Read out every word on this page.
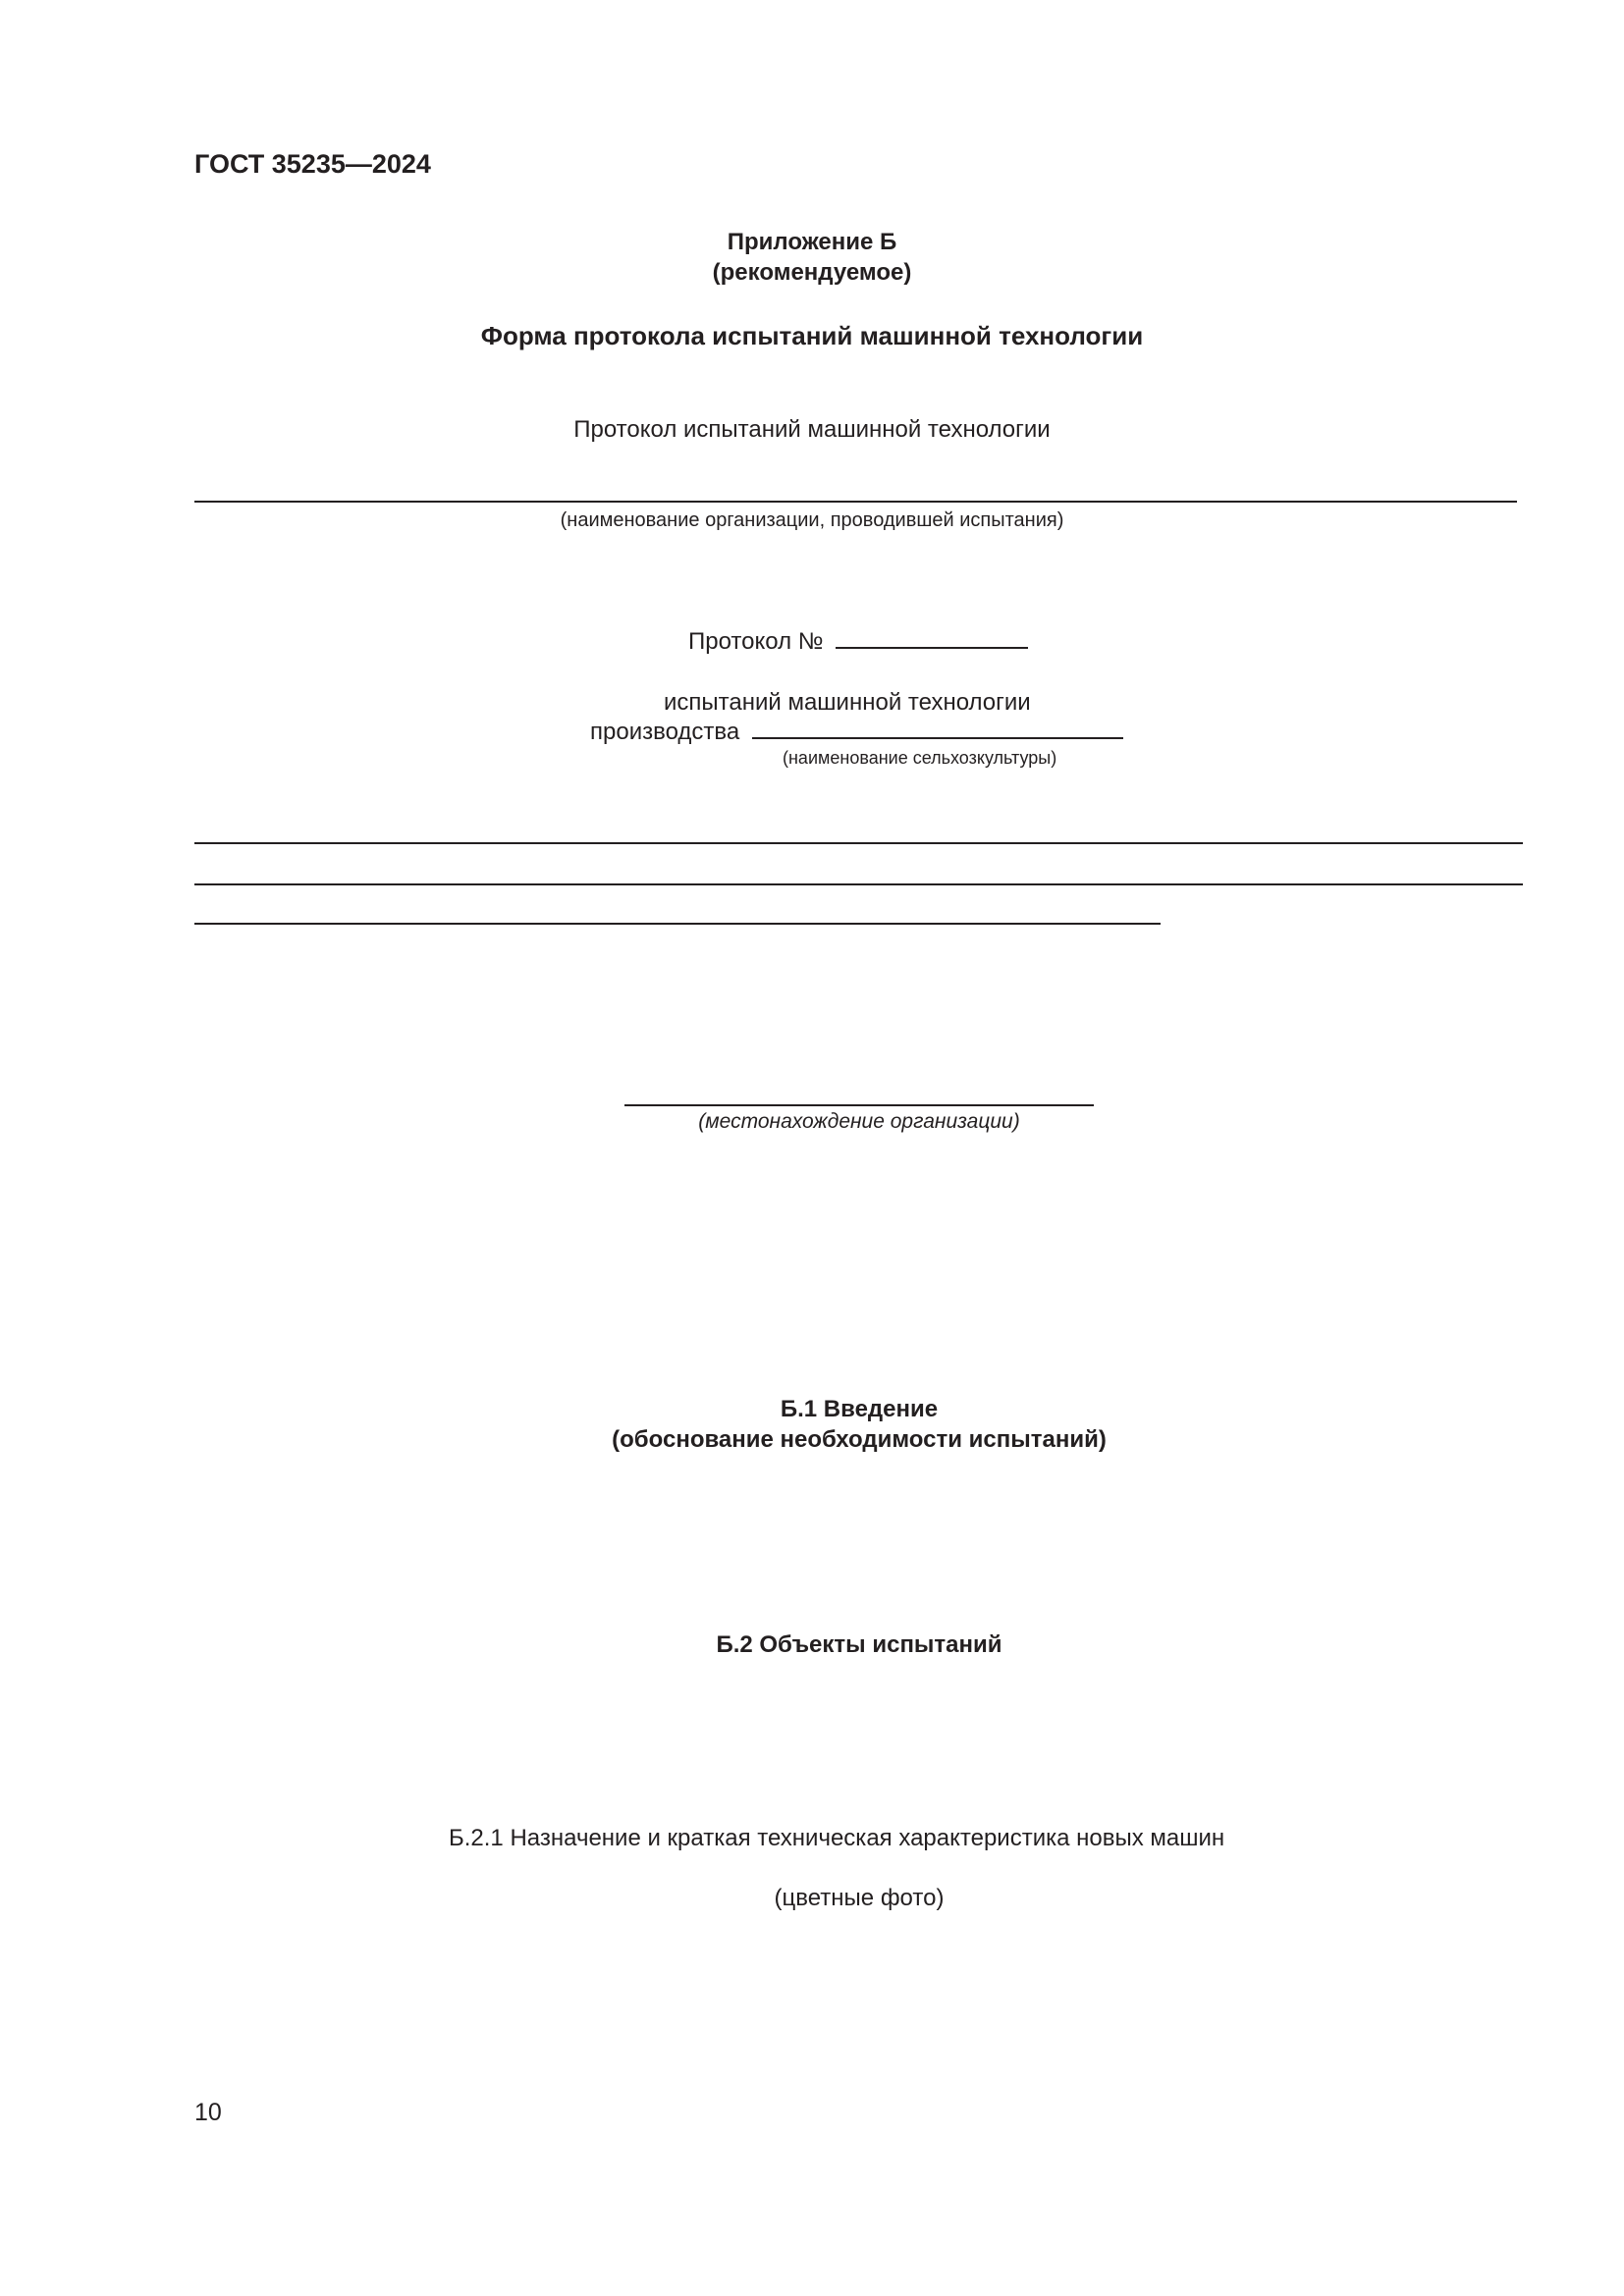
ГОСТ 35235—2024
Приложение Б
(рекомендуемое)
Форма протокола испытаний машинной технологии
Протокол испытаний машинной технологии
(наименование организации, проводившей испытания)
Протокол №
испытаний машинной технологии
производства
(наименование сельхозкультуры)
(местонахождение организации)
Б.1 Введение
(обоснование необходимости испытаний)
Б.2 Объекты испытаний
Б.2.1 Назначение и краткая техническая характеристика новых машин
(цветные фото)
10
